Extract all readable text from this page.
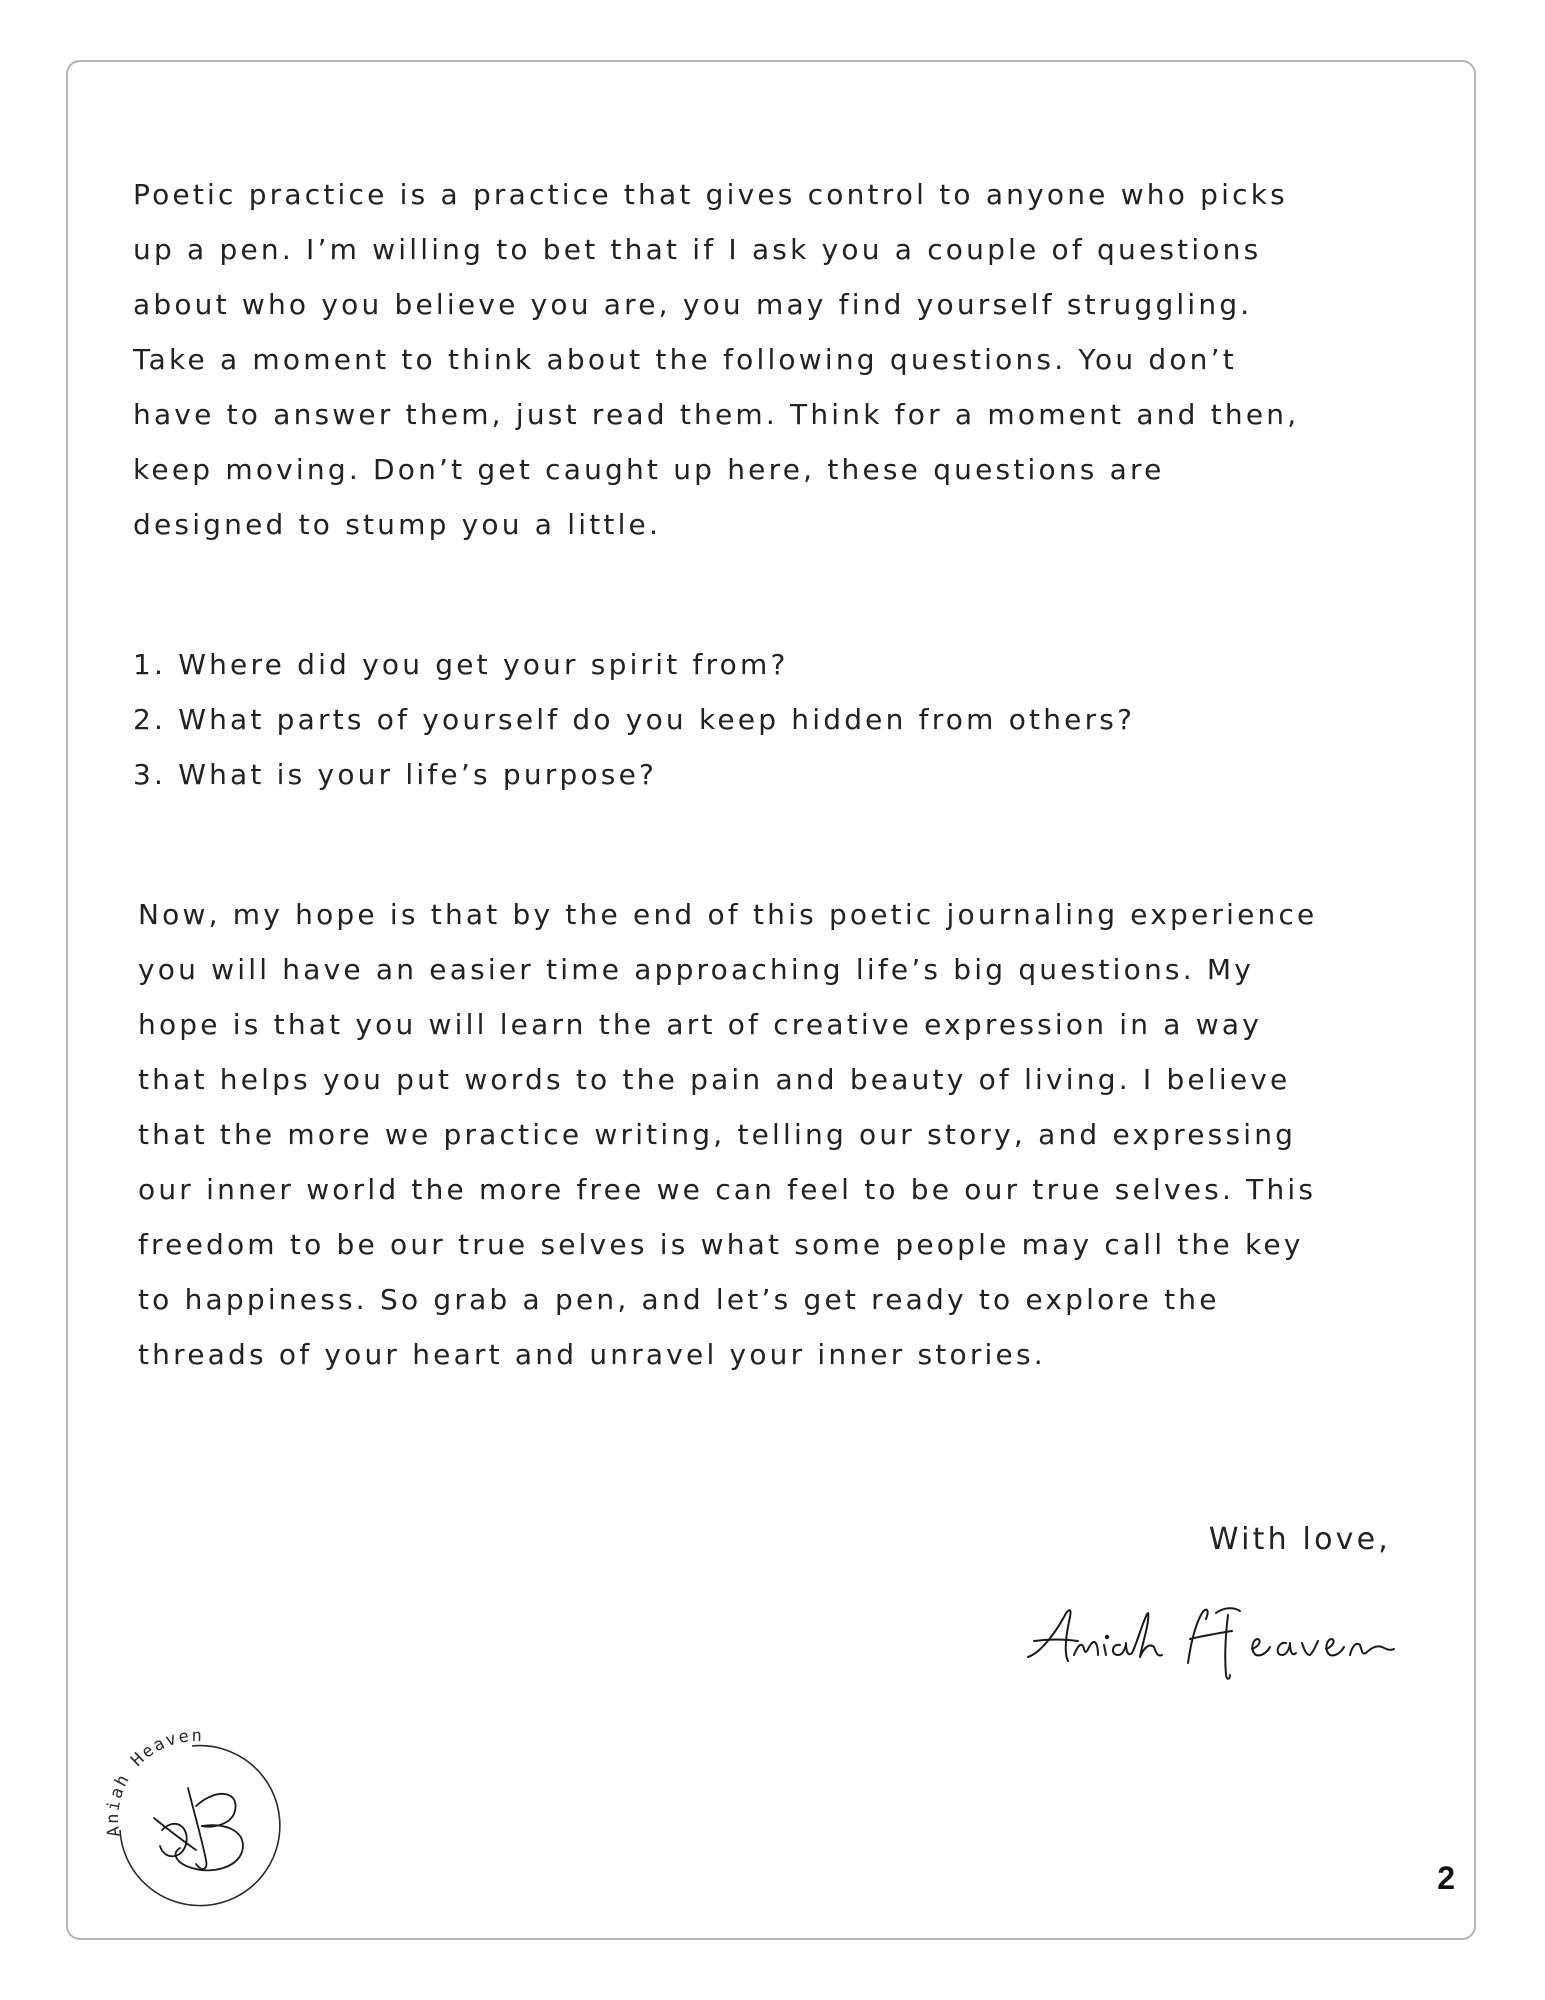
Poetic practice is a practice that gives control to anyone who picks
up a pen. I’m willing to bet that if I ask you a couple of questions
about who you believe you are, you may find yourself struggling.
Take a moment to think about the following questions. You don’t
have to answer them, just read them. Think for a moment and then,
keep moving. Don’t get caught up here, these questions are
designed to stump you a little.

1. Where did you get your spirit from?
2. What parts of yourself do you keep hidden from others?
3. What is your life’s purpose?

Now, my hope is that by the end of this poetic journaling experience
you will have an easier time approaching life’s big questions. My
hope is that you will learn the art of creative expression in a way
that helps you put words to the pain and beauty of living. I believe
that the more we practice writing, telling our story, and expressing
our inner world the more free we can feel to be our true selves. This
freedom to be our true selves is what some people may call the key
to happiness. So grab a pen, and let’s get ready to explore the
threads of your heart and unravel your inner stories.

With love,
Aniah Heaven
2
